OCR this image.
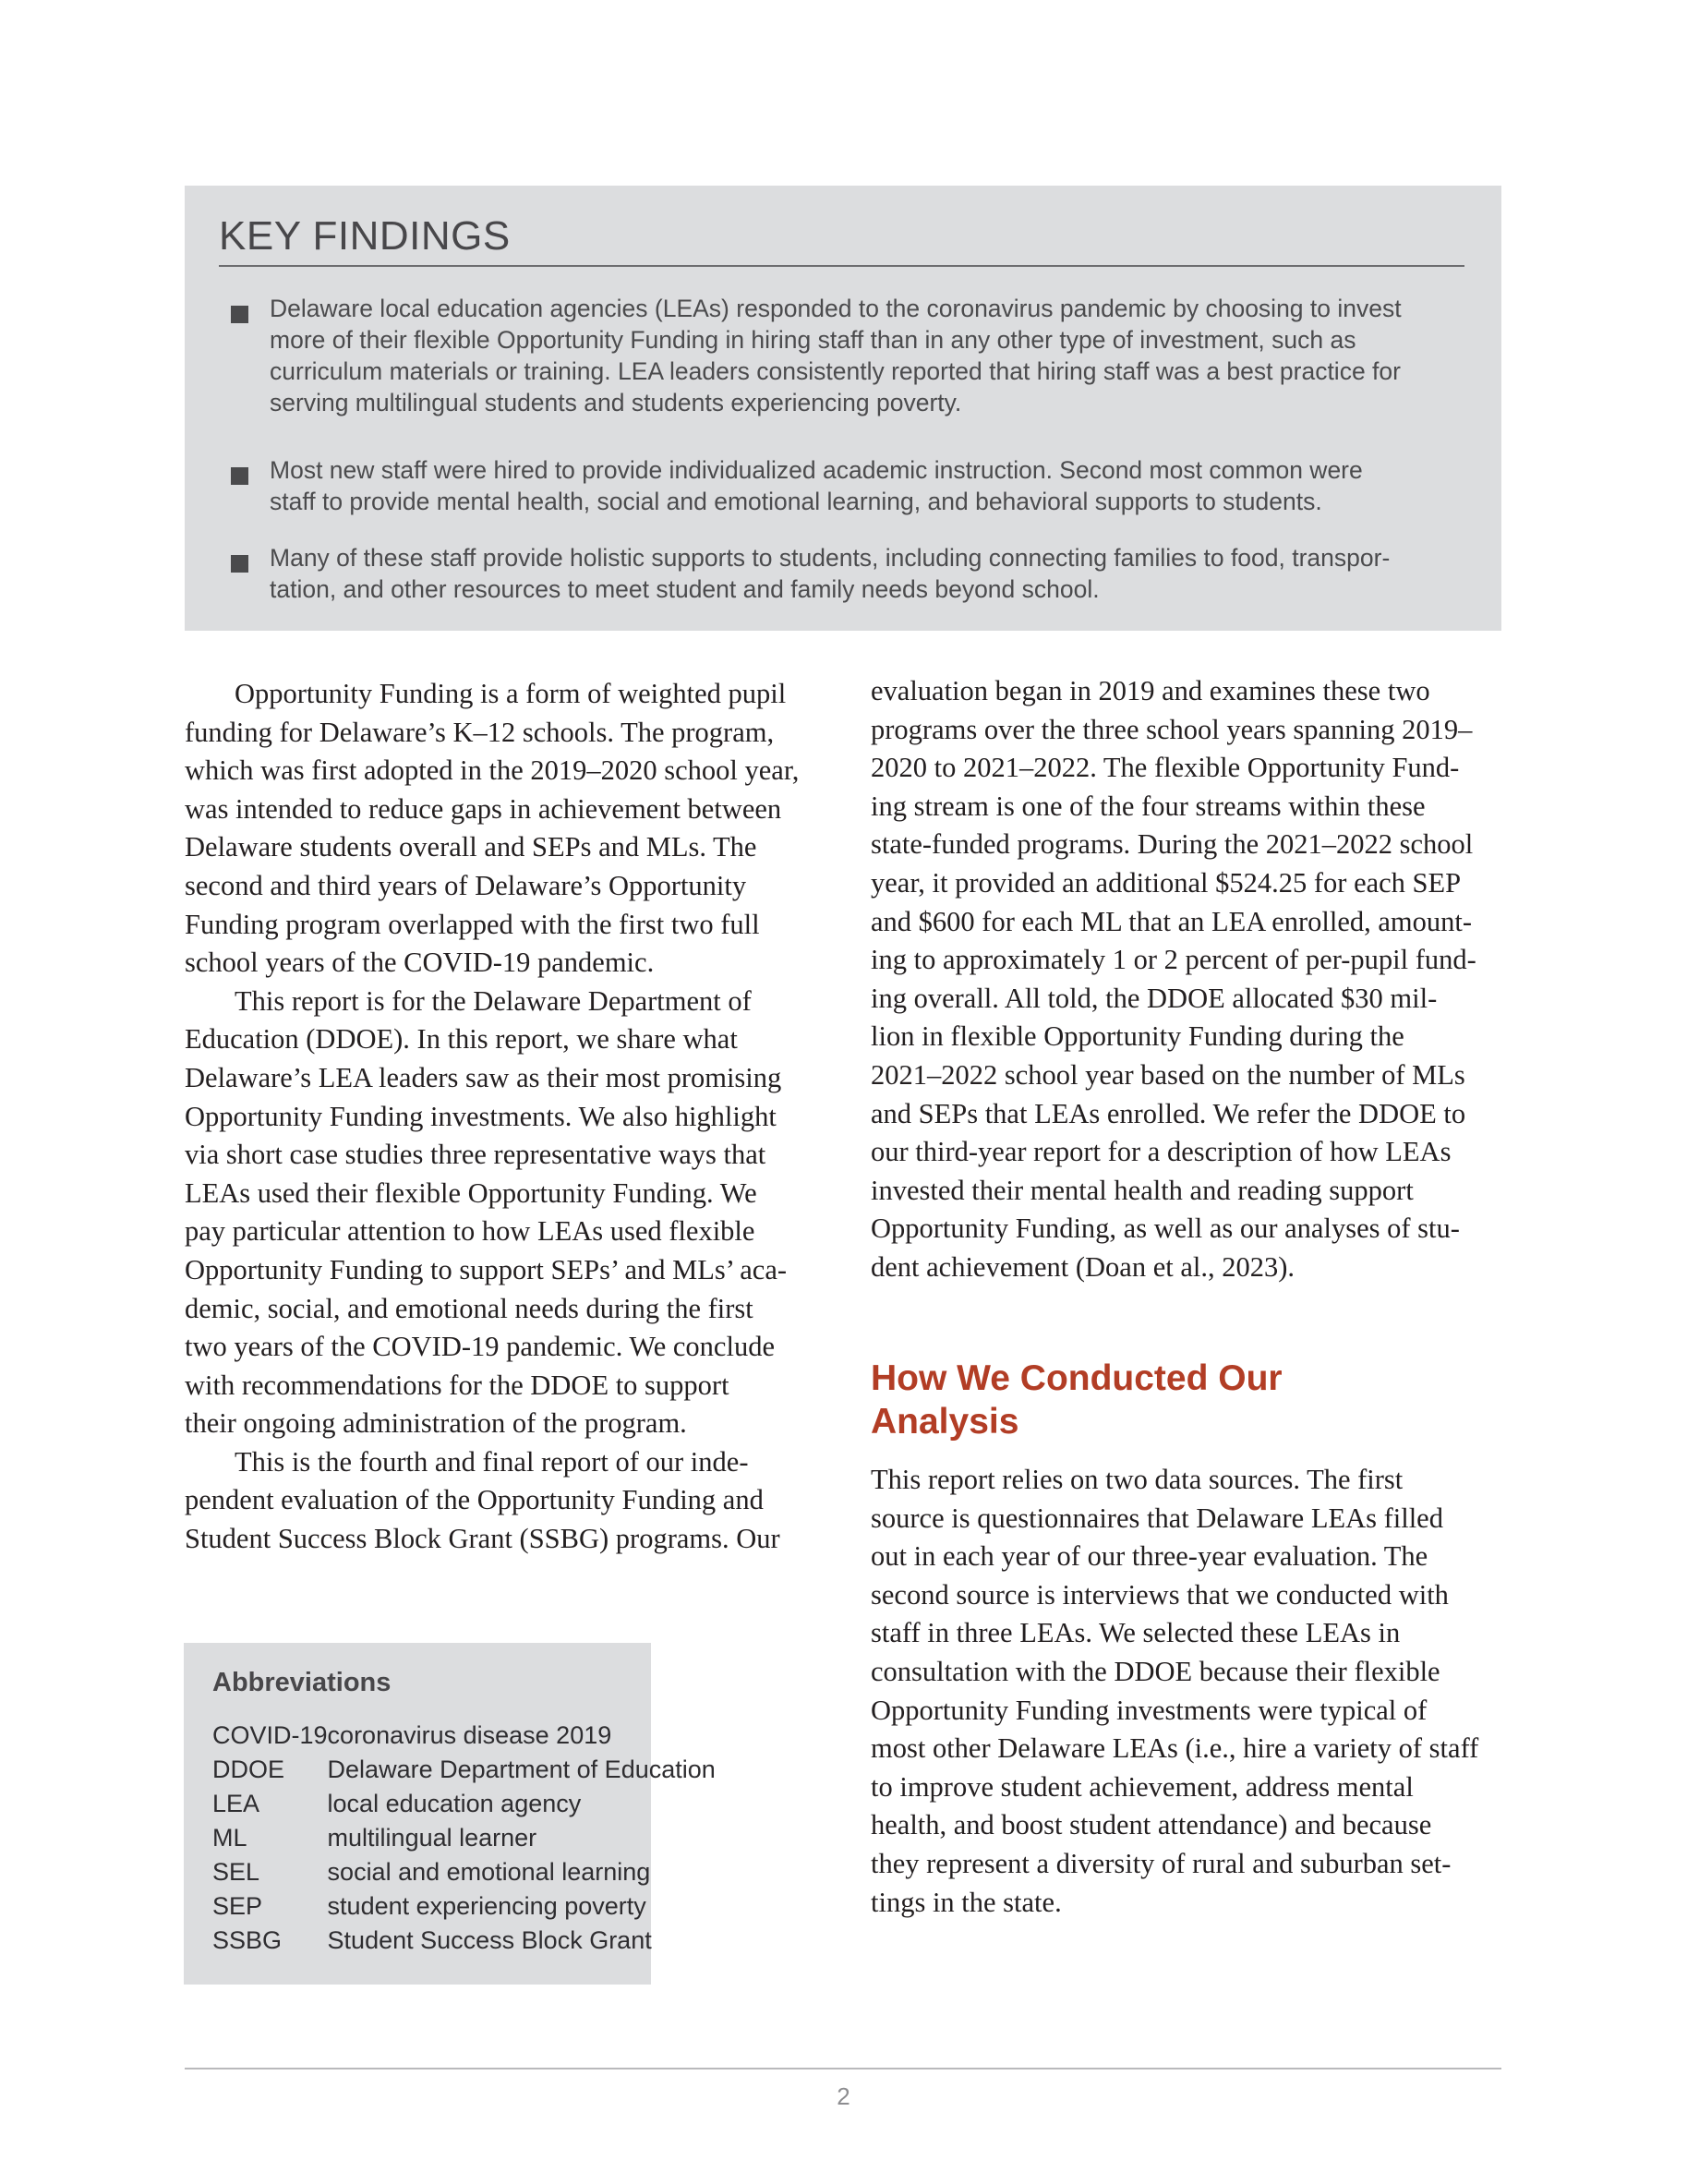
KEY FINDINGS
Delaware local education agencies (LEAs) responded to the coronavirus pandemic by choosing to invest
more of their flexible Opportunity Funding in hiring staff than in any other type of investment, such as
curriculum materials or training. LEA leaders consistently reported that hiring staff was a best practice for
serving multilingual students and students experiencing poverty.
Most new staff were hired to provide individualized academic instruction. Second most common were
staff to provide mental health, social and emotional learning, and behavioral supports to students.
Many of these staff provide holistic supports to students, including connecting families to food, transpor-
tation, and other resources to meet student and family needs beyond school.
Opportunity Funding is a form of weighted pupil
funding for Delaware’s K–12 schools. The program,
which was first adopted in the 2019–2020 school year,
was intended to reduce gaps in achievement between
Delaware students overall and SEPs and MLs. The
second and third years of Delaware’s Opportunity
Funding program overlapped with the first two full
school years of the COVID-19 pandemic.
This report is for the Delaware Department of
Education (DDOE). In this report, we share what
Delaware’s LEA leaders saw as their most promising
Opportunity Funding investments. We also highlight
via short case studies three representative ways that
LEAs used their flexible Opportunity Funding. We
pay particular attention to how LEAs used flexible
Opportunity Funding to support SEPs’ and MLs’ aca-
demic, social, and emotional needs during the first
two years of the COVID-19 pandemic. We conclude
with recommendations for the DDOE to support
their ongoing administration of the program.
This is the fourth and final report of our inde-
pendent evaluation of the Opportunity Funding and
Student Success Block Grant (SSBG) programs. Our
Abbreviations
COVID-19	coronavirus disease 2019
DDOE	Delaware Department of Education
LEA	local education agency
ML	multilingual learner
SEL	social and emotional learning
SEP	student experiencing poverty
SSBG	Student Success Block Grant
evaluation began in 2019 and examines these two
programs over the three school years spanning 2019–
2020 to 2021–2022. The flexible Opportunity Fund-
ing stream is one of the four streams within these
state-funded programs. During the 2021–2022 school
year, it provided an additional $524.25 for each SEP
and $600 for each ML that an LEA enrolled, amount-
ing to approximately 1 or 2 percent of per-pupil fund-
ing overall. All told, the DDOE allocated $30 mil-
lion in flexible Opportunity Funding during the
2021–2022 school year based on the number of MLs
and SEPs that LEAs enrolled. We refer the DDOE to
our third-year report for a description of how LEAs
invested their mental health and reading support
Opportunity Funding, as well as our analyses of stu-
dent achievement (Doan et al., 2023).
How We Conducted Our
Analysis
This report relies on two data sources. The first
source is questionnaires that Delaware LEAs filled
out in each year of our three-year evaluation. The
second source is interviews that we conducted with
staff in three LEAs. We selected these LEAs in
consultation with the DDOE because their flexible
Opportunity Funding investments were typical of
most other Delaware LEAs (i.e., hire a variety of staff
to improve student achievement, address mental
health, and boost student attendance) and because
they represent a diversity of rural and suburban set-
tings in the state.
2
